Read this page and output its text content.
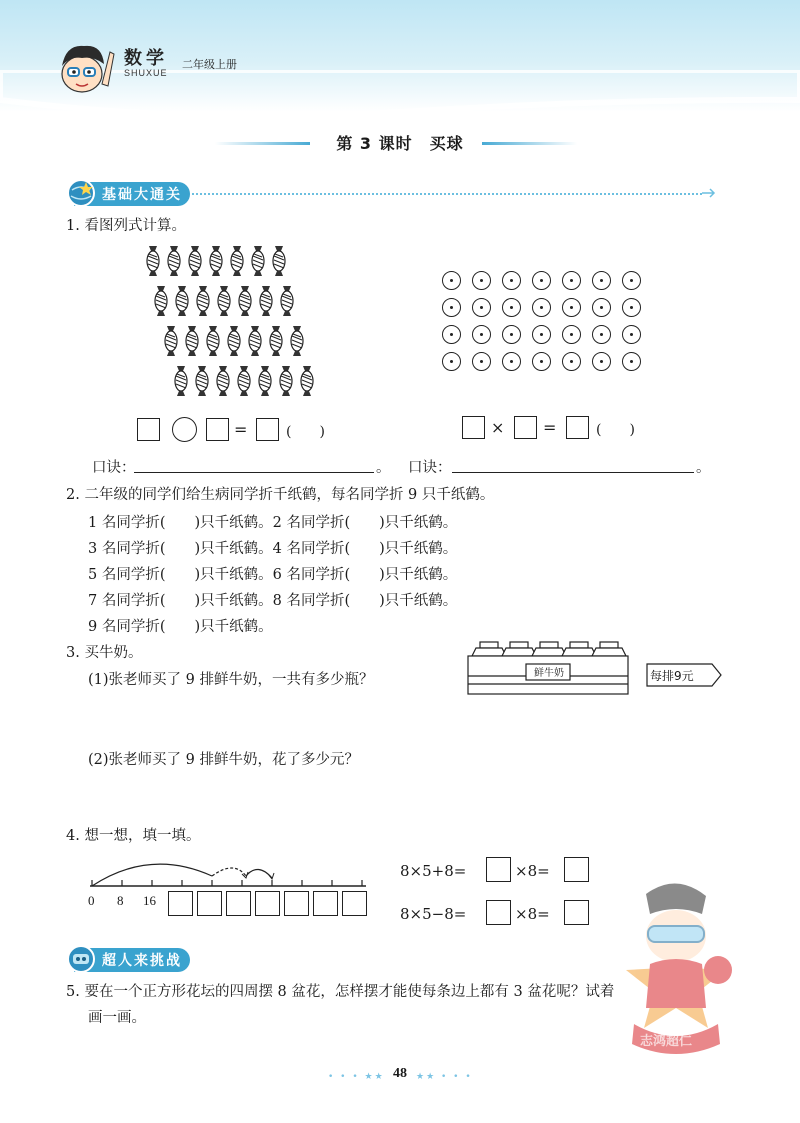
数学
SHUXUE
二年级上册
第 3 课时　买球
基础大通关
1. 看图列式计算。
=	(　　)	× =	(　　)
口诀：	。 口诀：	。
2. 二年级的同学们给生病同学折千纸鹤，每名同学折 9 只千纸鹤。
1 名同学折(　　)只千纸鹤。2 名同学折(　　)只千纸鹤。
3 名同学折(　　)只千纸鹤。4 名同学折(　　)只千纸鹤。
5 名同学折(　　)只千纸鹤。6 名同学折(　　)只千纸鹤。
7 名同学折(　　)只千纸鹤。8 名同学折(　　)只千纸鹤。
9 名同学折(　　)只千纸鹤。
3. 买牛奶。
(1)张老师买了 9 排鲜牛奶，一共有多少瓶？
(2)张老师买了 9 排鲜牛奶，花了多少元？
鲜牛奶	每排9元
4. 想一想，填一填。
0 8 16
8×5+8=	×8=
8×5−8=	×8=
超人来挑战
志鸿超仁
5. 要在一个正方形花坛的四周摆 8 盆花，怎样摆才能使每条边上都有 3 盆花呢？试着
画一画。
• • • ★★ 48	★★ • • •
